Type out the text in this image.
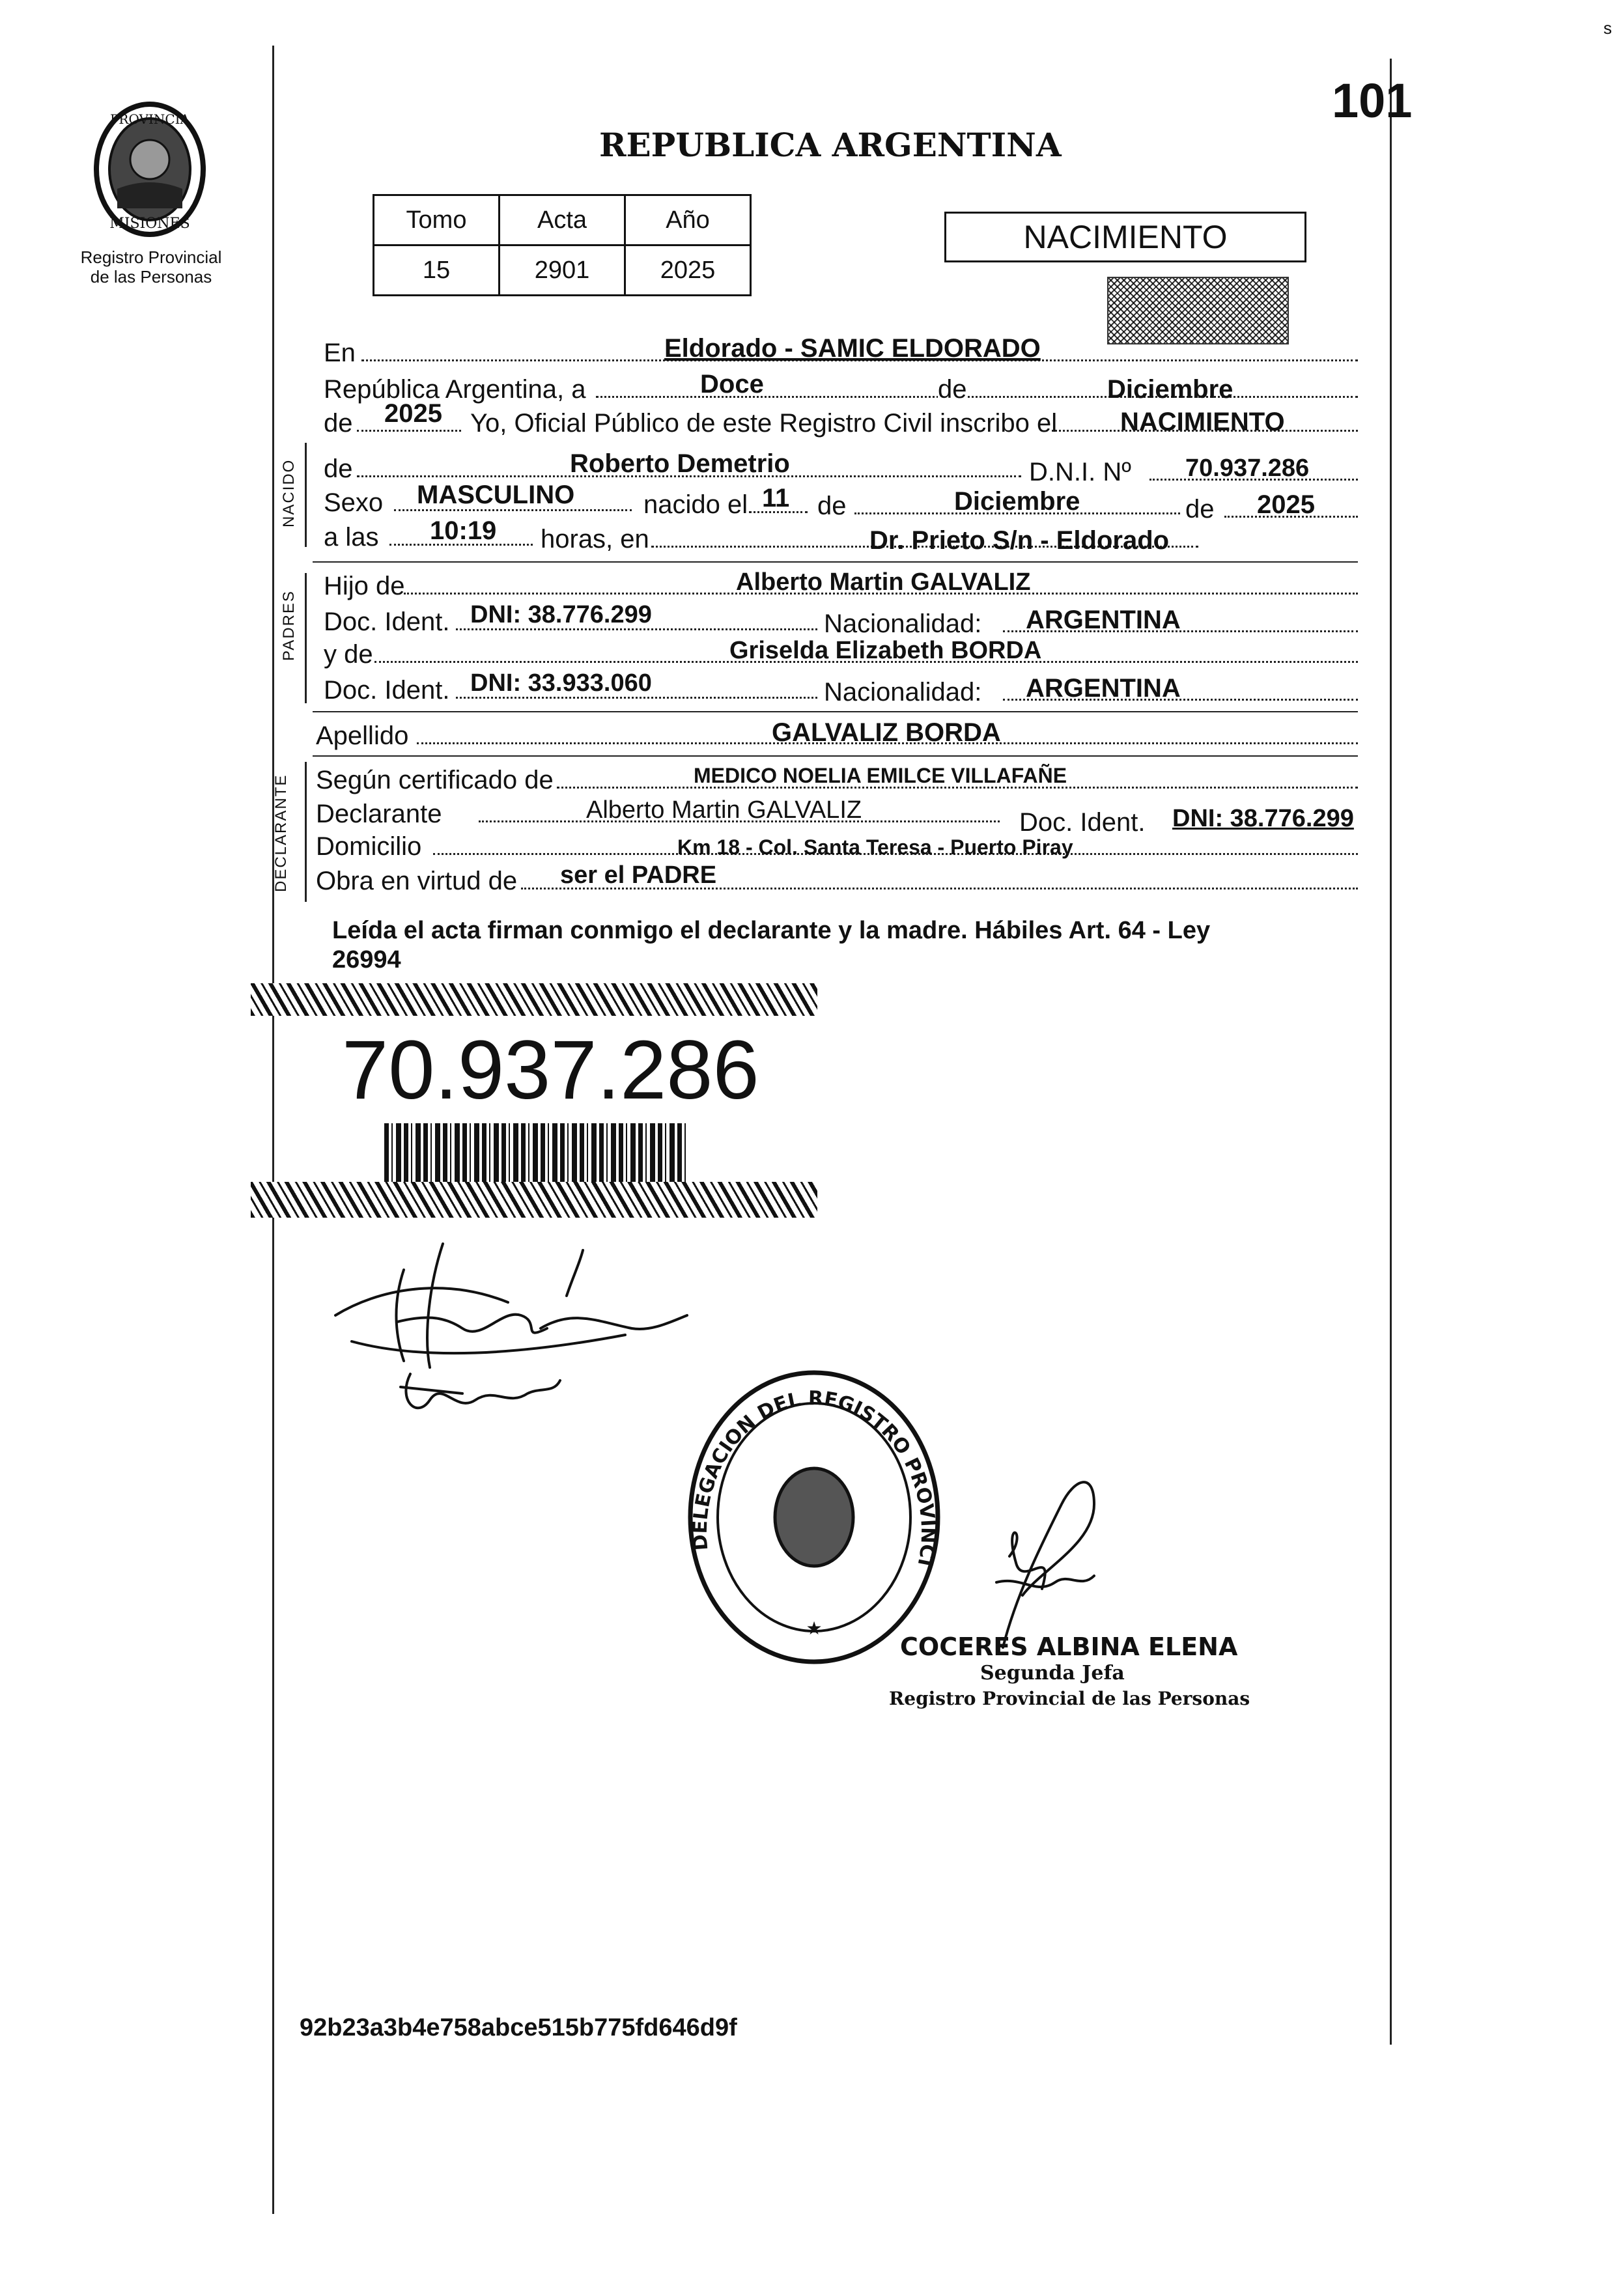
s
101
PROVINCIA
MISIONES
Registro Provincial
de las Personas
REPUBLICA ARGENTINA
Tomo	Acta	Año
15	2901	2025
NACIMIENTO
En	Eldorado - SAMIC ELDORADO
República Argentina, a	Doce	de	Diciembre
de 2025 Yo, Oficial Público de este Registro Civil inscribo el NACIMIENTO
NACIDO de	Roberto Demetrio	D.N.I. Nº 70.937.286
Sexo MASCULINO	nacido el 11 de	Diciembre	de 2025
a las 10:19 horas, en	Dr. Prieto S/n - Eldorado
PADRES
Hijo de	Alberto Martin GALVALIZ
Doc. Ident. DNI: 38.776.299	Nacionalidad: ARGENTINA
y de	Griselda Elizabeth BORDA
Doc. Ident. DNI: 33.933.060	Nacionalidad: ARGENTINA
Apellido	GALVALIZ BORDA
DECLARANTE Según certificado de	MEDICO NOELIA EMILCE VILLAFAÑE
Declarante	Alberto Martin GALVALIZ	Doc. Ident. DNI: 38.776.299
Domicilio	Km 18 - Col. Santa Teresa - Puerto Piray
Obra en virtud de ser el PADRE
Leída el acta firman conmigo el declarante y la madre. Hábiles Art. 64 - Ley
26994
70.937.286
DELEGACION DEL REGISTRO PROVINCI
★
COCERES ALBINA ELENA
Segunda Jefa
Registro Provincial de las Personas
92b23a3b4e758abce515b775fd646d9f
